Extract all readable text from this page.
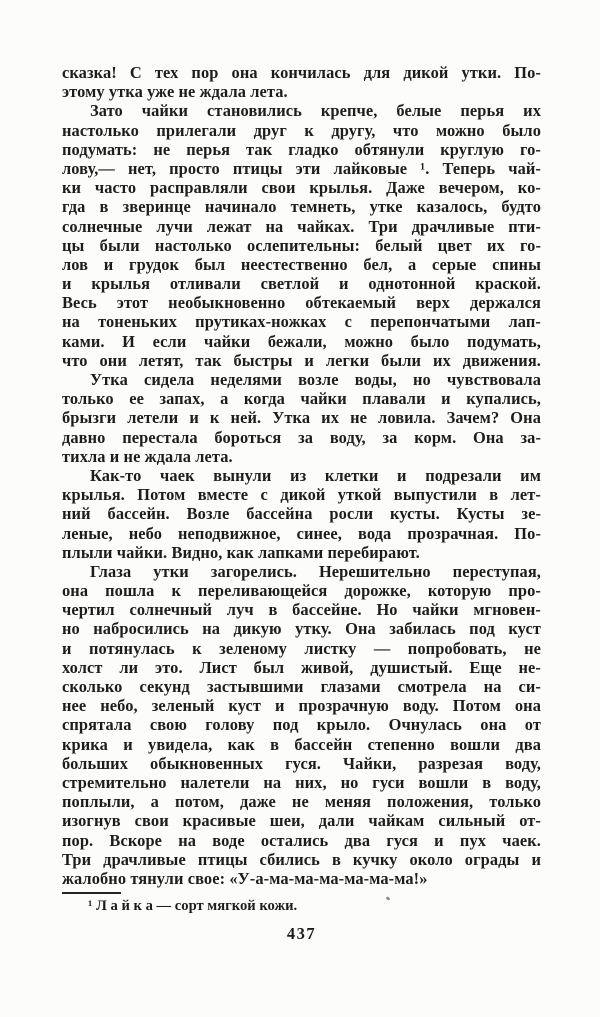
сказка! С тех пор она кончилась для дикой утки. По-
этому утка уже не ждала лета.
Зато чайки становились крепче, белые перья их
настолько прилегали друг к другу, что можно было
подумать: не перья так гладко обтянули круглую го-
лову,— нет, просто птицы эти лайковые ¹. Теперь чай-
ки часто расправляли свои крылья. Даже вечером, ко-
гда в зверинце начинало темнеть, утке казалось, будто
солнечные лучи лежат на чайках. Три драчливые пти-
цы были настолько ослепительны: белый цвет их го-
лов и грудок был неестественно бел, а серые спины
и крылья отливали светлой и однотонной краской.
Весь этот необыкновенно обтекаемый верх держался
на тоненьких прутиках-ножках с перепончатыми лап-
ками. И если чайки бежали, можно было подумать,
что они летят, так быстры и легки были их движения.
Утка сидела неделями возле воды, но чувствовала
только ее запах, а когда чайки плавали и купались,
брызги летели и к ней. Утка их не ловила. Зачем? Она
давно перестала бороться за воду, за корм. Она за-
тихла и не ждала лета.
Как-то чаек вынули из клетки и подрезали им
крылья. Потом вместе с дикой уткой выпустили в лет-
ний бассейн. Возле бассейна росли кусты. Кусты зе-
леные, небо неподвижное, синее, вода прозрачная. По-
плыли чайки. Видно, как лапками перебирают.
Глаза утки загорелись. Нерешительно переступая,
она пошла к переливающейся дорожке, которую про-
чертил солнечный луч в бассейне. Но чайки мгновен-
но набросились на дикую утку. Она забилась под куст
и потянулась к зеленому листку — попробовать, не
холст ли это. Лист был живой, душистый. Еще не-
сколько секунд застывшими глазами смотрела на си-
нее небо, зеленый куст и прозрачную воду. Потом она
спрятала свою голову под крыло. Очнулась она от
крика и увидела, как в бассейн степенно вошли два
больших обыкновенных гуся. Чайки, разрезая воду,
стремительно налетели на них, но гуси вошли в воду,
поплыли, а потом, даже не меняя положения, только
изогнув свои красивые шеи, дали чайкам сильный от-
пор. Вскоре на воде остались два гуся и пух чаек.
Три драчливые птицы сбились в кучку около ограды и
жалобно тянули свое: «У-а-ма-ма-ма-ма-ма-ма!»
¹ Л а й к а — сорт мягкой кожи.
437
